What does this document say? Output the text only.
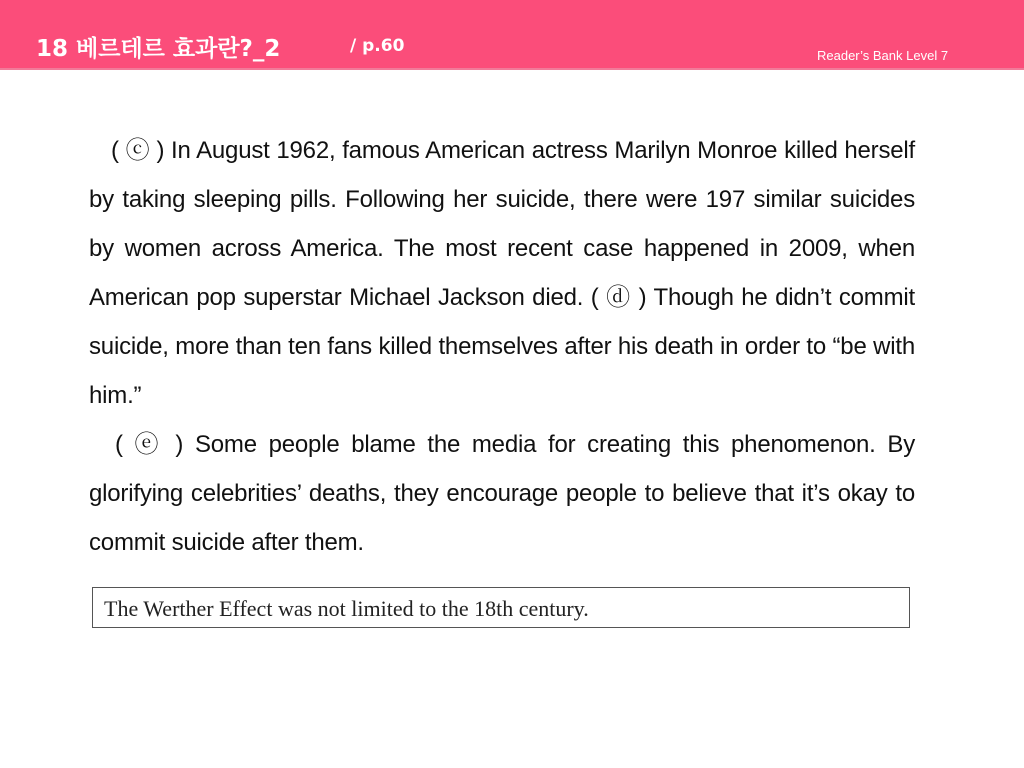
18 베르테르 효과란?_2	/ p.60	Reader’s Bank Level 7

( ⓒ ) In August 1962, famous American actress Marilyn Monroe killed herself by taking sleeping pills. Following her suicide, there were 197 similar suicides by women across America. The most recent case happened in 2009, when American pop superstar Michael Jackson died. ( ⓓ ) Though he didn’t commit suicide, more than ten fans killed themselves after his death in order to “be with him.”
( ⓔ ) Some people blame the media for creating this phenomenon. By glorifying celebrities’ deaths, they encourage people to believe that it’s okay to commit suicide after them.

The Werther Effect was not limited to the 18th century.
